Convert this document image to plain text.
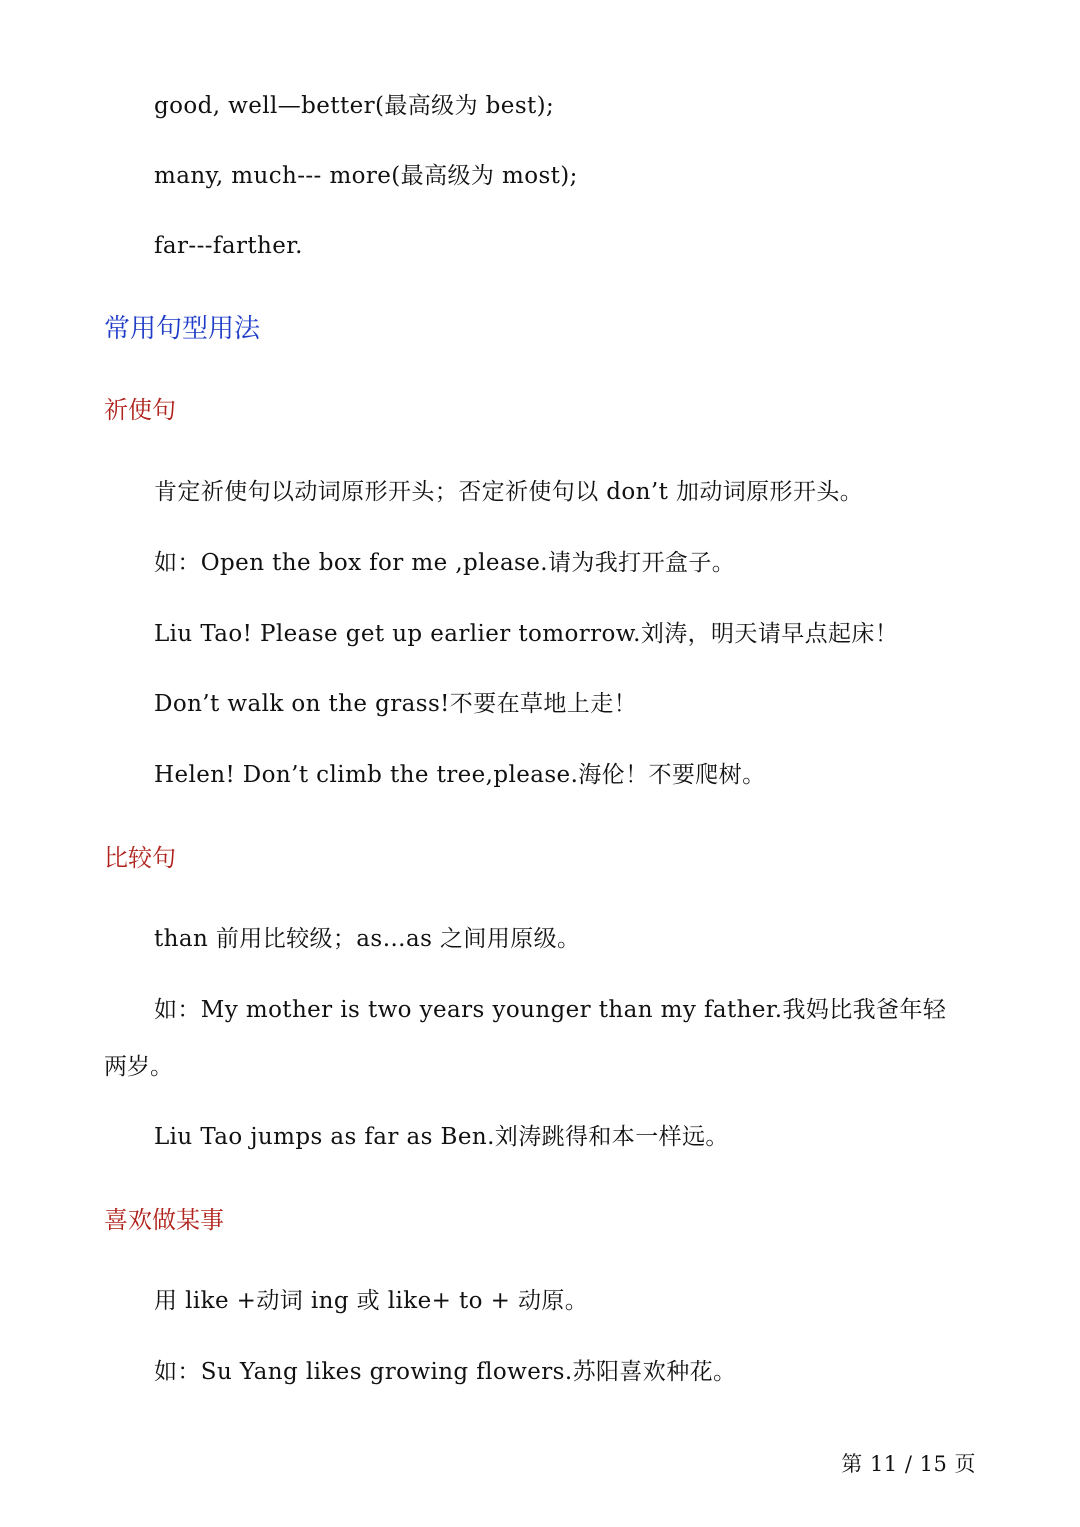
good, well—better(最高级为 best);
many, much--- more(最高级为 most);
far---farther.
常用句型用法
祈使句
肯定祈使句以动词原形开头；否定祈使句以 don’t 加动词原形开头。
如：Open the box for me ,please.请为我打开盒子。
Liu Tao! Please get up earlier tomorrow.刘涛，明天请早点起床！
Don’t walk on the grass!不要在草地上走！
Helen! Don’t climb the tree,please.海伦！不要爬树。
比较句
than 前用比较级；as…as 之间用原级。
如：My mother is two years younger than my father.我妈比我爸年轻
两岁。
Liu Tao jumps as far as Ben.刘涛跳得和本一样远。
喜欢做某事
用 like +动词 ing 或 like+ to + 动原。
如：Su Yang likes growing flowers.苏阳喜欢种花。
第 11 / 15 页
